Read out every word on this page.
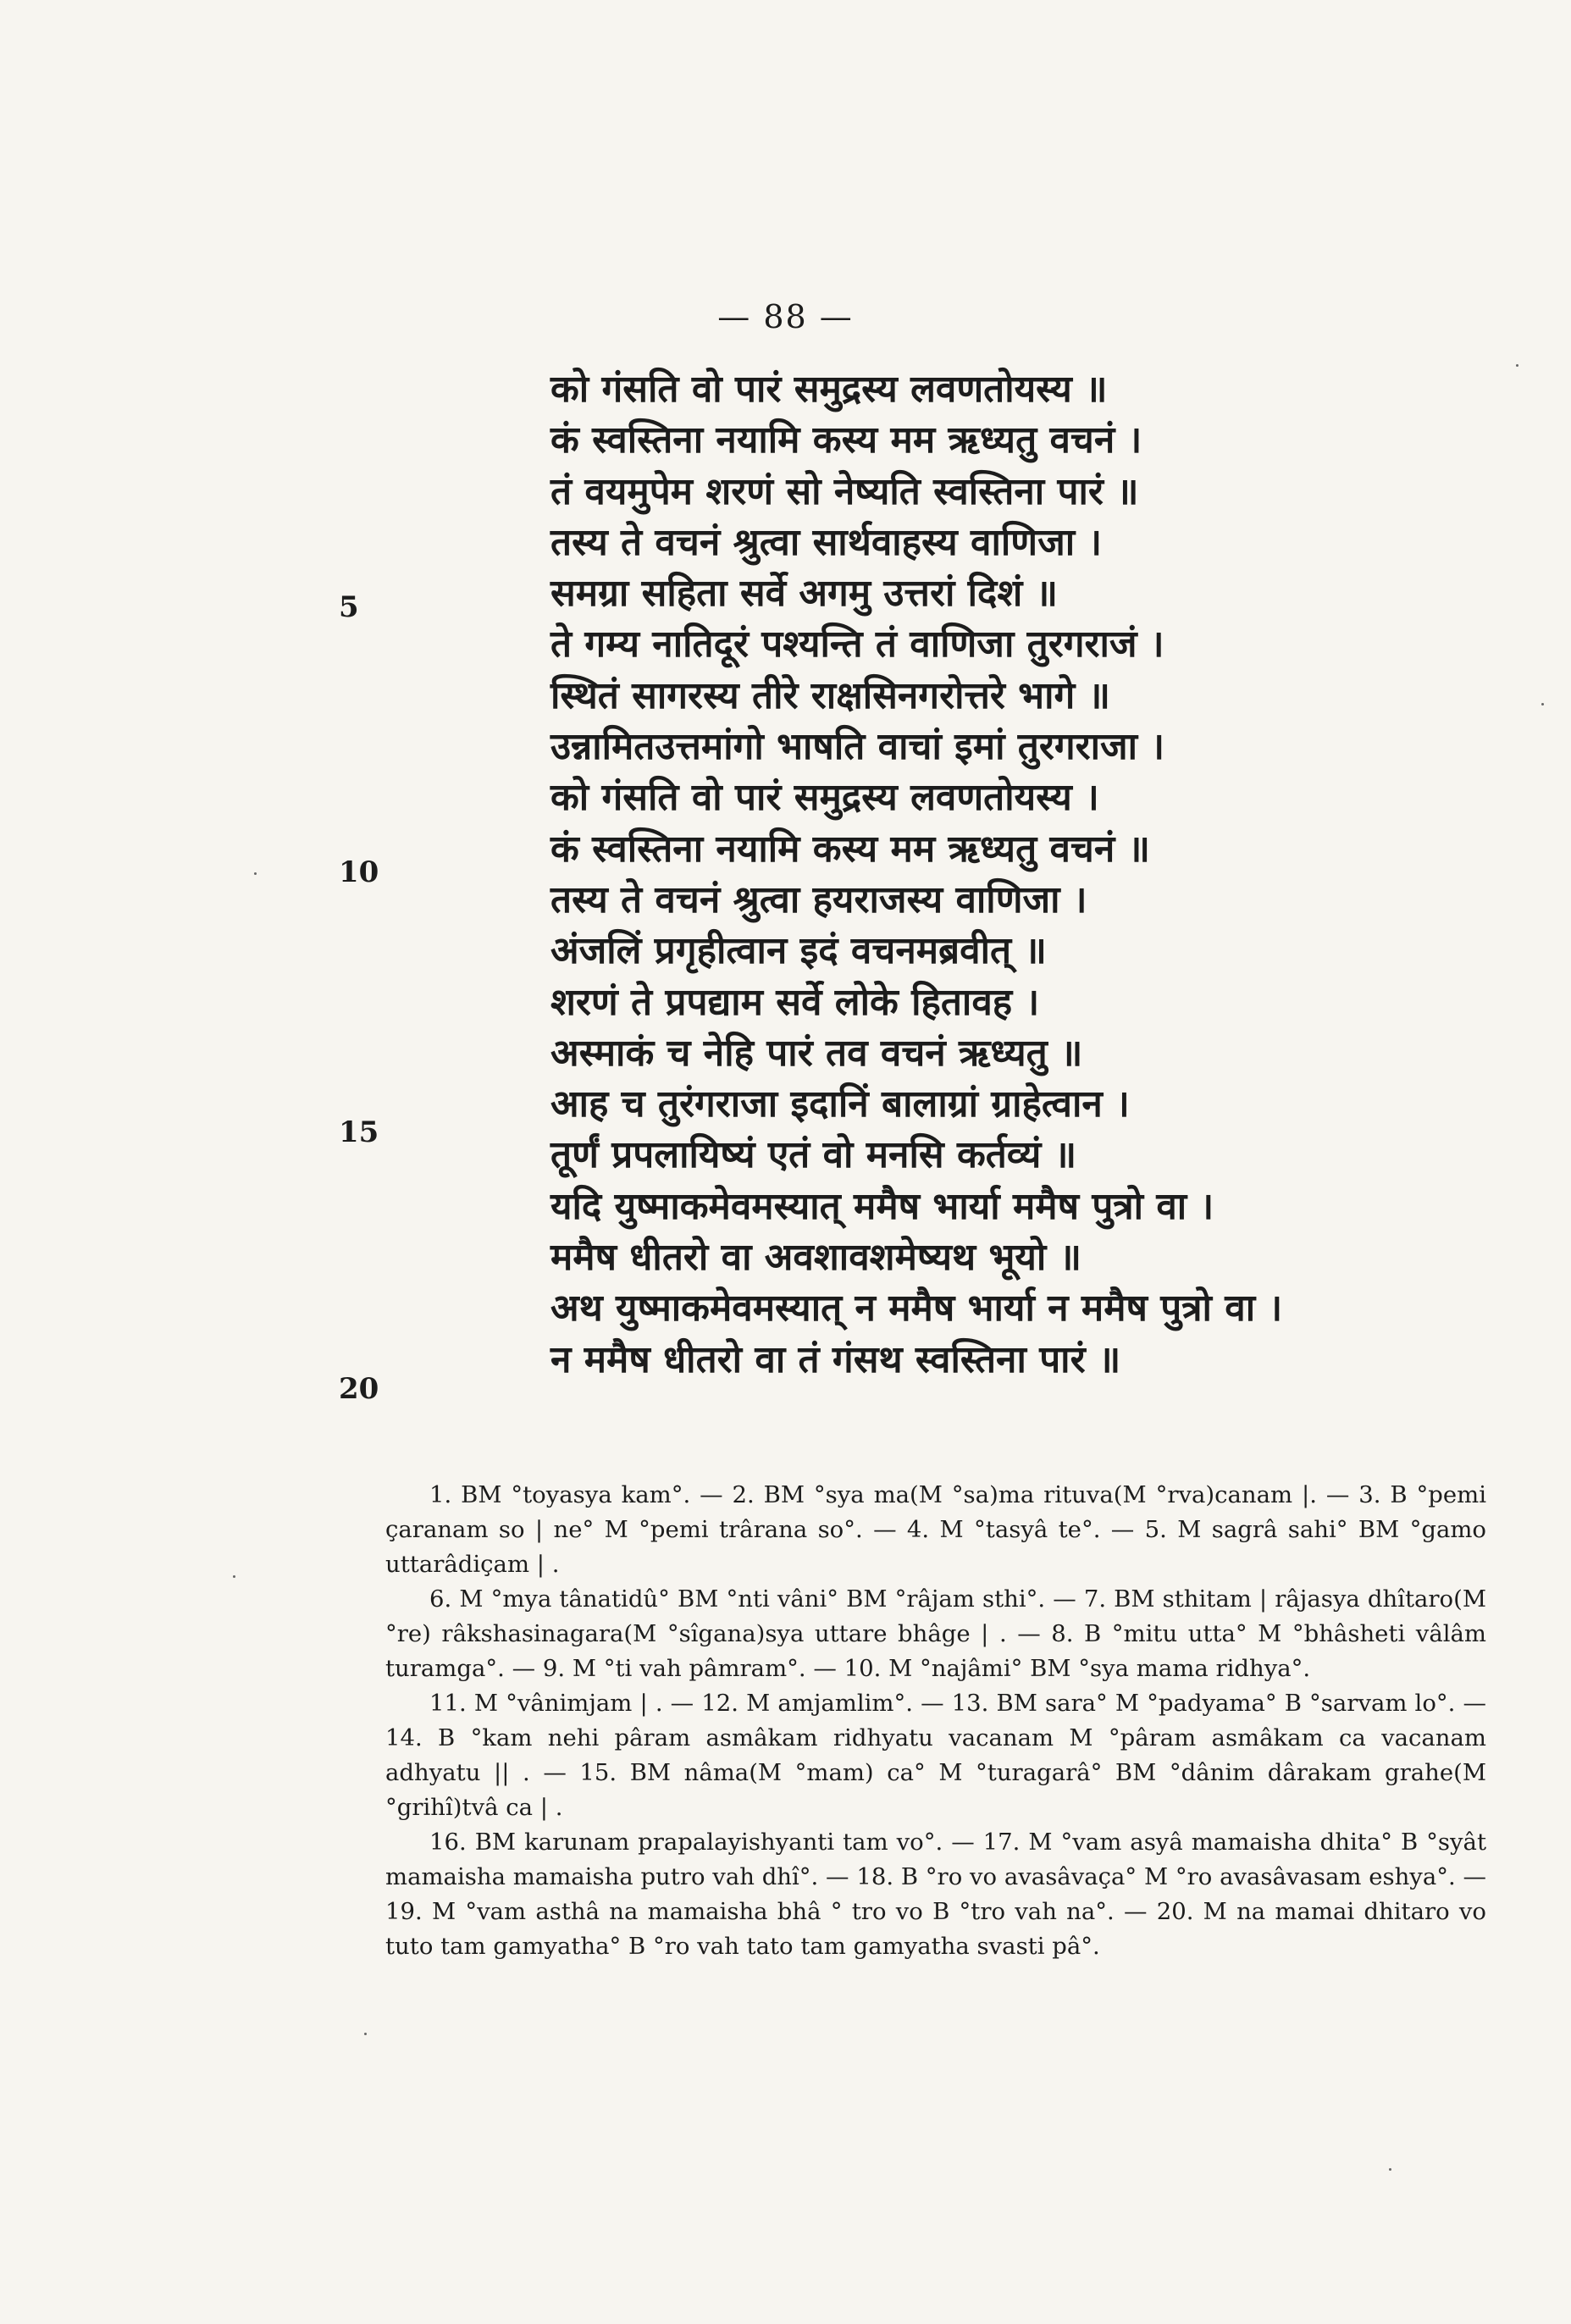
— 88 —
को गंसति वो पारं समुद्रस्य लवणतोयस्य ॥
कं स्वस्तिना नयामि कस्य मम ऋध्यतु वचनं ।
तं वयमुपेम शरणं सो नेष्यति स्वस्तिना पारं ॥
तस्य ते वचनं श्रुत्वा सार्थवाहस्य वाणिजा ।
समग्रा सहिता सर्वे अगमु उत्तरां दिशं ॥
ते गम्य नातिदूरं पश्यन्ति तं वाणिजा तुरगराजं ।
स्थितं सागरस्य तीरे राक्षसिनगरोत्तरे भागे ॥
उन्नामितउत्तमांगो भाषति वाचां इमां तुरगराजा ।
को गंसति वो पारं समुद्रस्य लवणतोयस्य ।
कं स्वस्तिना नयामि कस्य मम ऋध्यतु वचनं ॥
तस्य ते वचनं श्रुत्वा हयराजस्य वाणिजा ।
अंजलिं प्रगृहीत्वान इदं वचनमब्रवीत् ॥
शरणं ते प्रपद्याम सर्वे लोके हितावह ।
अस्माकं च नेहि पारं तव वचनं ऋध्यतु ॥
आह च तुरंगराजा इदानिं बालाग्रां ग्राहेत्वान ।
तूर्णं प्रपलायिष्यं एतं वो मनसि कर्तव्यं ॥
यदि युष्माकमेवमस्यात् ममैष भार्या ममैष पुत्रो वा ।
ममैष धीतरो वा अवशावशमेष्यथ भूयो ॥
अथ युष्माकमेवमस्यात् न ममैष भार्या न ममैष पुत्रो वा ।
न ममैष धीतरो वा तं गंसथ स्वस्तिना पारं ॥
5
10
15
20

1. BM °toyasya kam°. — 2. BM °sya ma(M °sa)ma rituva(M °rva)canam |. — 3. B °pemi çaranam so | ne° M °pemi trârana so°. — 4. M °tasyâ te°. — 5. M sagrâ sahi° BM °gamo uttarâdiçam | .

6. M °mya tânatidû° BM °nti vâni° BM °râjam sthi°. — 7. BM sthitam | râjasya dhîtaro(M °re) râkshasinagara(M °sîgana)sya uttare bhâge | . — 8. B °mitu utta° M °bhâsheti vâlâm turamga°. — 9. M °ti vah pâmram°. — 10. M °najâmi° BM °sya mama ridhya°.

11. M °vânimjam | . — 12. M amjamlim°. — 13. BM sara° M °padyama° B °sarvam lo°. — 14. B °kam nehi pâram asmâkam ridhyatu vacanam M °pâram asmâkam ca vacanam adhyatu || . — 15. BM nâma(M °mam) ca° M °turagarâ° BM °dânim dârakam grahe(M °grihî)tvâ ca | .

16. BM karunam prapalayishyanti tam vo°. — 17. M °vam asyâ mamaisha dhita° B °syât mamaisha mamaisha putro vah dhî°. — 18. B °ro vo avasâvaça° M °ro avasâvasam eshya°. — 19. M °vam asthâ na mamaisha bhâ ° tro vo B °tro vah na°. — 20. M na mamai dhitaro vo tuto tam gamyatha° B °ro vah tato tam gamyatha svasti pâ°.
